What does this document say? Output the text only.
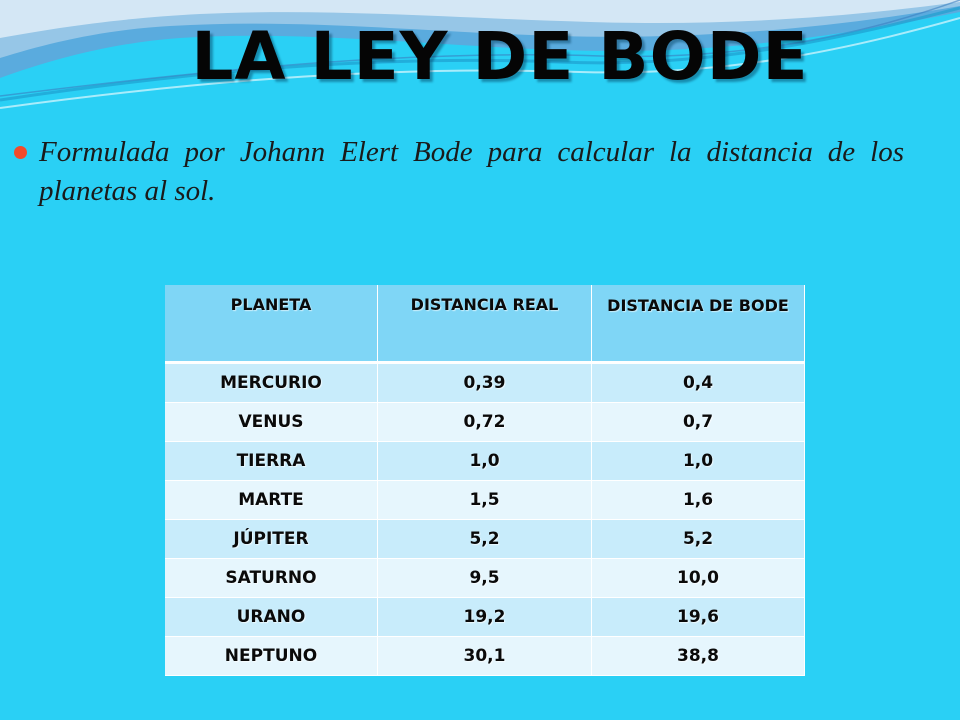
LA LEY DE BODE

Formulada por Johann Elert Bode para calcular la distancia de los planetas al sol.

PLANETA	DISTANCIA REAL	DISTANCIA DE BODE
MERCURIO	0,39	0,4
VENUS	0,72	0,7
TIERRA	1,0	1,0
MARTE	1,5	1,6
JÚPITER	5,2	5,2
SATURNO	9,5	10,0
URANO	19,2	19,6
NEPTUNO	30,1	38,8
